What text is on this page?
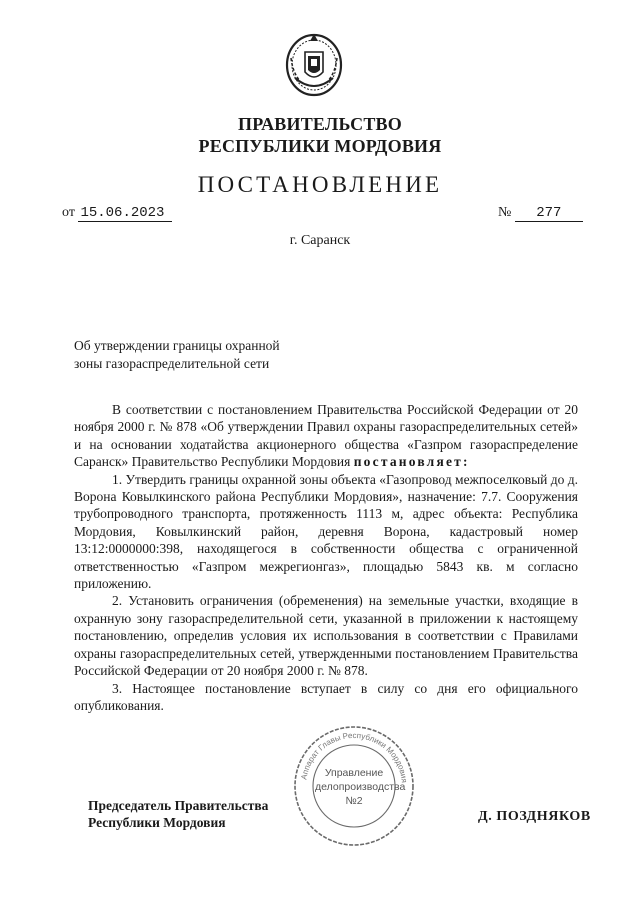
ПРАВИТЕЛЬСТВО
РЕСПУБЛИКИ МОРДОВИЯ
ПОСТАНОВЛЕНИЕ
от 15.06.2023	№ 277
г. Саранск
Об утверждении границы охранной
зоны газораспределительной сети

В соответствии с постановлением Правительства Российской Федерации от 20 ноября 2000 г. № 878 «Об утверждении Правил охраны газораспределительных сетей» и на основании ходатайства акционерного общества «Газпром газораспределение Саранск» Правительство Республики Мордовия постановляет:

1. Утвердить границы охранной зоны объекта «Газопровод межпоселковый до д. Ворона Ковылкинского района Республики Мордовия», назначение: 7.7. Сооружения трубопроводного транспорта, протяженность 1113 м, адрес объекта: Республика Мордовия, Ковылкинский район, деревня Ворона, кадастровый номер 13:12:0000000:398, находящегося в собственности общества с ограниченной ответственностью «Газпром межрегионгаз», площадью 5843 кв. м согласно приложению.

2. Установить ограничения (обременения) на земельные участки, входящие в охранную зону газораспределительной сети, указанной в приложении к настоящему постановлению, определив условия их использования в соответствии с Правилами охраны газораспределительных сетей, утвержденными постановлением Правительства Российской Федерации от 20 ноября 2000 г. № 878.

3. Настоящее постановление вступает в силу со дня его официального опубликования.

Председатель Правительства
Республики Мордовия
Аппарат Главы Республики Мордовия
Управление
делопроизводства
№2
Д. ПОЗДНЯКОВ
